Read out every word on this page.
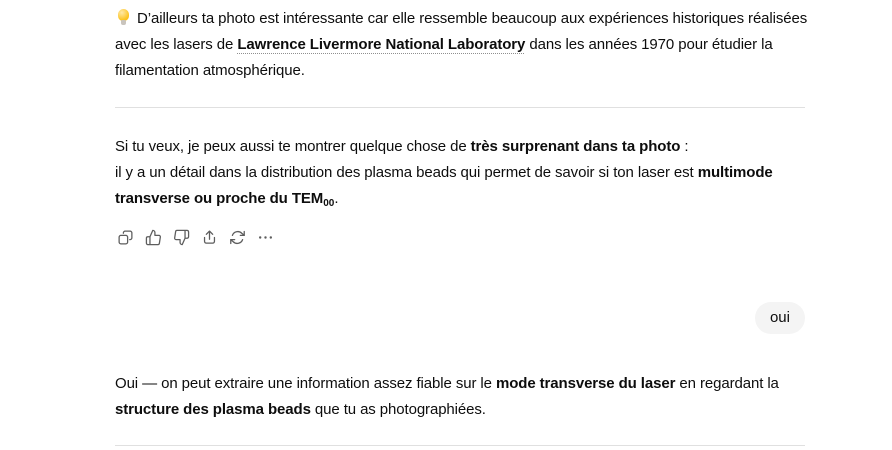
D’ailleurs ta photo est intéressante car elle ressemble beaucoup aux expériences historiques réalisées
avec les lasers de Lawrence Livermore National Laboratory dans les années 1970 pour étudier la
filamentation atmosphérique.
Si tu veux, je peux aussi te montrer quelque chose de très surprenant dans ta photo :
il y a un détail dans la distribution des plasma beads qui permet de savoir si ton laser est multimode
transverse ou proche du $TEM_{00}$.
oui
Oui — on peut extraire une information assez fiable sur le mode transverse du laser en regardant la
structure des plasma beads que tu as photographiées.
